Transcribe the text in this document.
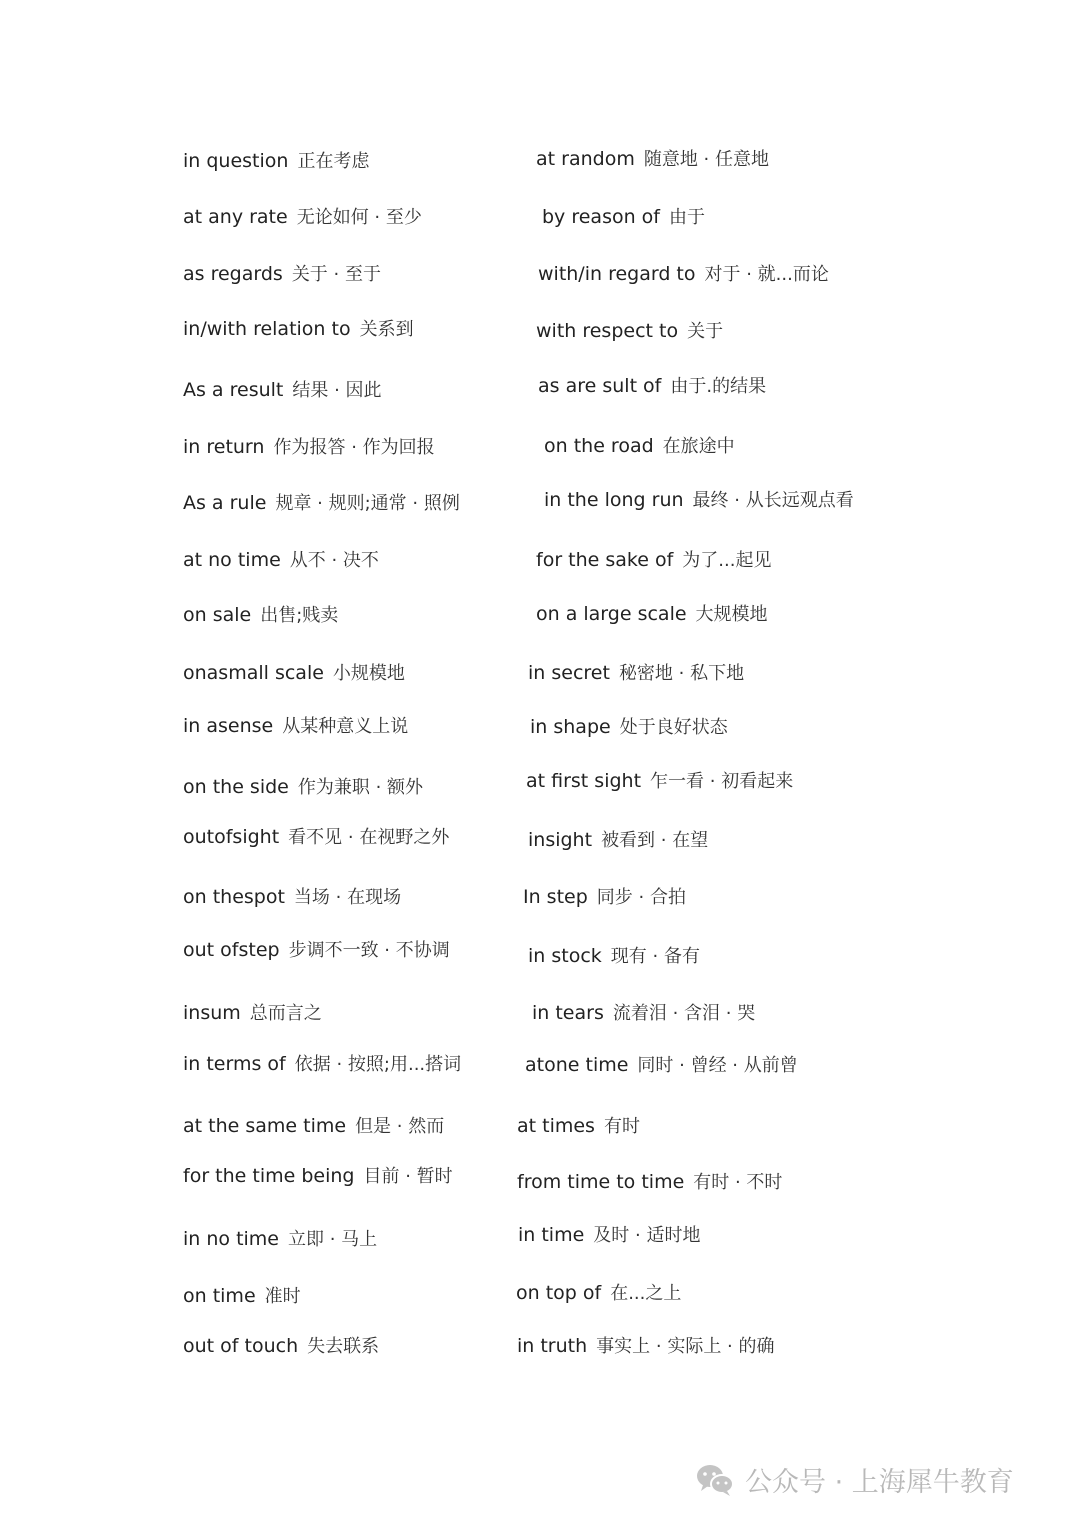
in question 正在考虑
at any rate 无论如何 · 至少
as regards 关于 · 至于
in/with relation to 关系到
As a result 结果 · 因此
in return 作为报答 · 作为回报
As a rule 规章 · 规则;通常 · 照例
at no time 从不 · 决不
on sale 出售;贱卖
onasmall scale 小规模地
in asense 从某种意义上说
on the side 作为兼职 · 额外
outofsight 看不见 · 在视野之外
on thespot 当场 · 在现场
out ofstep 步调不一致 · 不协调
insum 总而言之
in terms of 依据 · 按照;用...搭词
at the same time 但是 · 然而
for the time being 目前 · 暂时
in no time 立即 · 马上
on time 准时
out of touch 失去联系
at random 随意地 · 任意地
by reason of 由于
with/in regard to 对于 · 就...而论
with respect to 关于
as are sult of 由于.的结果
on the road 在旅途中
in the long run 最终 · 从长远观点看
for the sake of 为了...起见
on a large scale 大规模地
in secret 秘密地 · 私下地
in shape 处于良好状态
at first sight 乍一看 · 初看起来
insight 被看到 · 在望
In step 同步 · 合拍
in stock 现有 · 备有
in tears 流着泪 · 含泪 · 哭
atone time 同时 · 曾经 · 从前曾
at times 有时
from time to time 有时 · 不时
in time 及时 · 适时地
on top of 在...之上
in truth 事实上 · 实际上 · 的确
公众号 · 上海犀牛教育
